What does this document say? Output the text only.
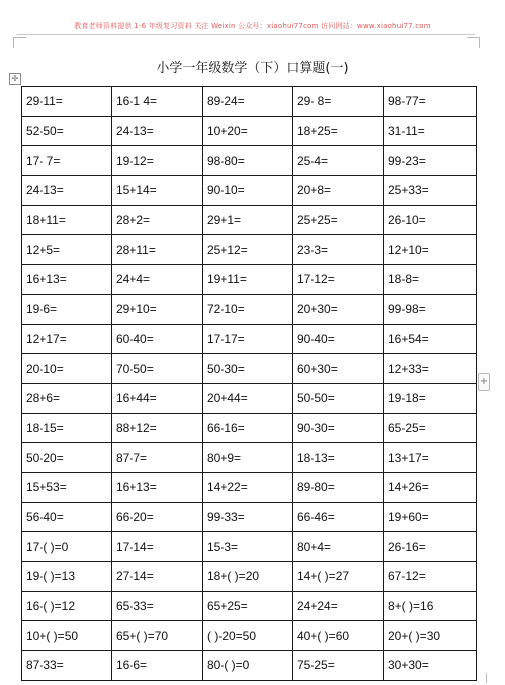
教育老师资料提供 1-6 年级复习资料 关注 Weixin 公众号：xiaohui77com 访问网站：www.xiaohui77.com
✢
小学一年级数学（下）口算题(一)
29-11=	16-1 4=	89-24=	29- 8=	98-77=
52-50=	24-13=	10+20=	18+25=	31-11=
17- 7=	19-12=	98-80=	25-4=	99-23=
24-13=	15+14=	90-10=	20+8=	25+33=
18+11=	28+2=	29+1=	25+25=	26-10=
12+5=	28+11=	25+12=	23-3=	12+10=
16+13=	24+4=	19+11=	17-12=	18-8=
19-6=	29+10=	72-10=	20+30=	99-98=
12+17=	60-40=	17-17=	90-40=	16+54=
20-10=	70-50=	50-30=	60+30=	12+33=
28+6=	16+44=	20+44=	50-50=	19-18=
18-15=	88+12=	66-16=	90-30=	65-25=
50-20=	87-7=	80+9=	18-13=	13+17=
15+53=	16+13=	14+22=	89-80=	14+26=
56-40=	66-20=	99-33=	66-46=	19+60=
17-( )=0	17-14=	15-3=	80+4=	26-16=
19-( )=13	27-14=	18+( )=20	14+( )=27	67-12=
16-( )=12	65-33=	65+25=	24+24=	8+( )=16
10+( )=50	65+( )=70	( )-20=50	40+( )=60	20+( )=30
87-33=	16-6=	80-( )=0	75-25=	30+30=
+
